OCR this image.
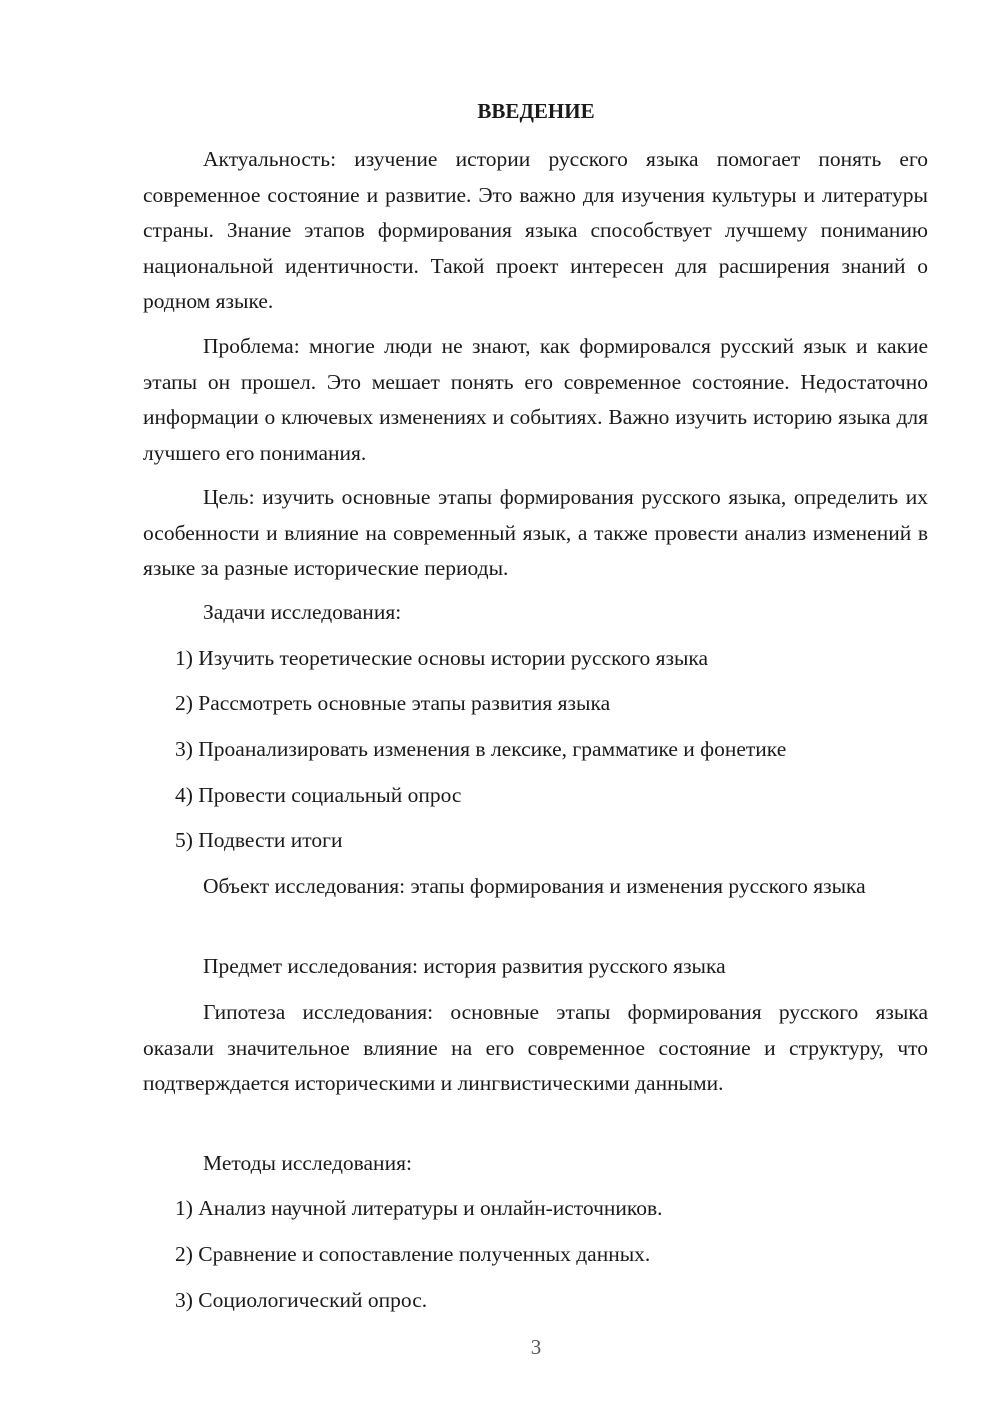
ВВЕДЕНИЕ

Актуальность: изучение истории русского языка помогает понять его современное состояние и развитие. Это важно для изучения культуры и литературы страны. Знание этапов формирования языка способствует лучшему пониманию национальной идентичности. Такой проект интересен для расширения знаний о родном языке.

Проблема: многие люди не знают, как формировался русский язык и какие этапы он прошел. Это мешает понять его современное состояние. Недостаточно информации о ключевых изменениях и событиях. Важно изучить историю языка для лучшего его понимания.

Цель: изучить основные этапы формирования русского языка, определить их особенности и влияние на современный язык, а также провести анализ изменений в языке за разные исторические периоды.

Задачи исследования:

1) Изучить теоретические основы истории русского языка

2) Рассмотреть основные этапы развития языка

3) Проанализировать изменения в лексике, грамматике и фонетике

4) Провести социальный опрос

5) Подвести итоги

Объект исследования: этапы формирования и изменения русского языка

Предмет исследования: история развития русского языка

Гипотеза исследования: основные этапы формирования русского языка оказали значительное влияние на его современное состояние и структуру, что подтверждается историческими и лингвистическими данными.

Методы исследования:

1) Анализ научной литературы и онлайн-источников.

2) Сравнение и сопоставление полученных данных.

3) Социологический опрос.

3
